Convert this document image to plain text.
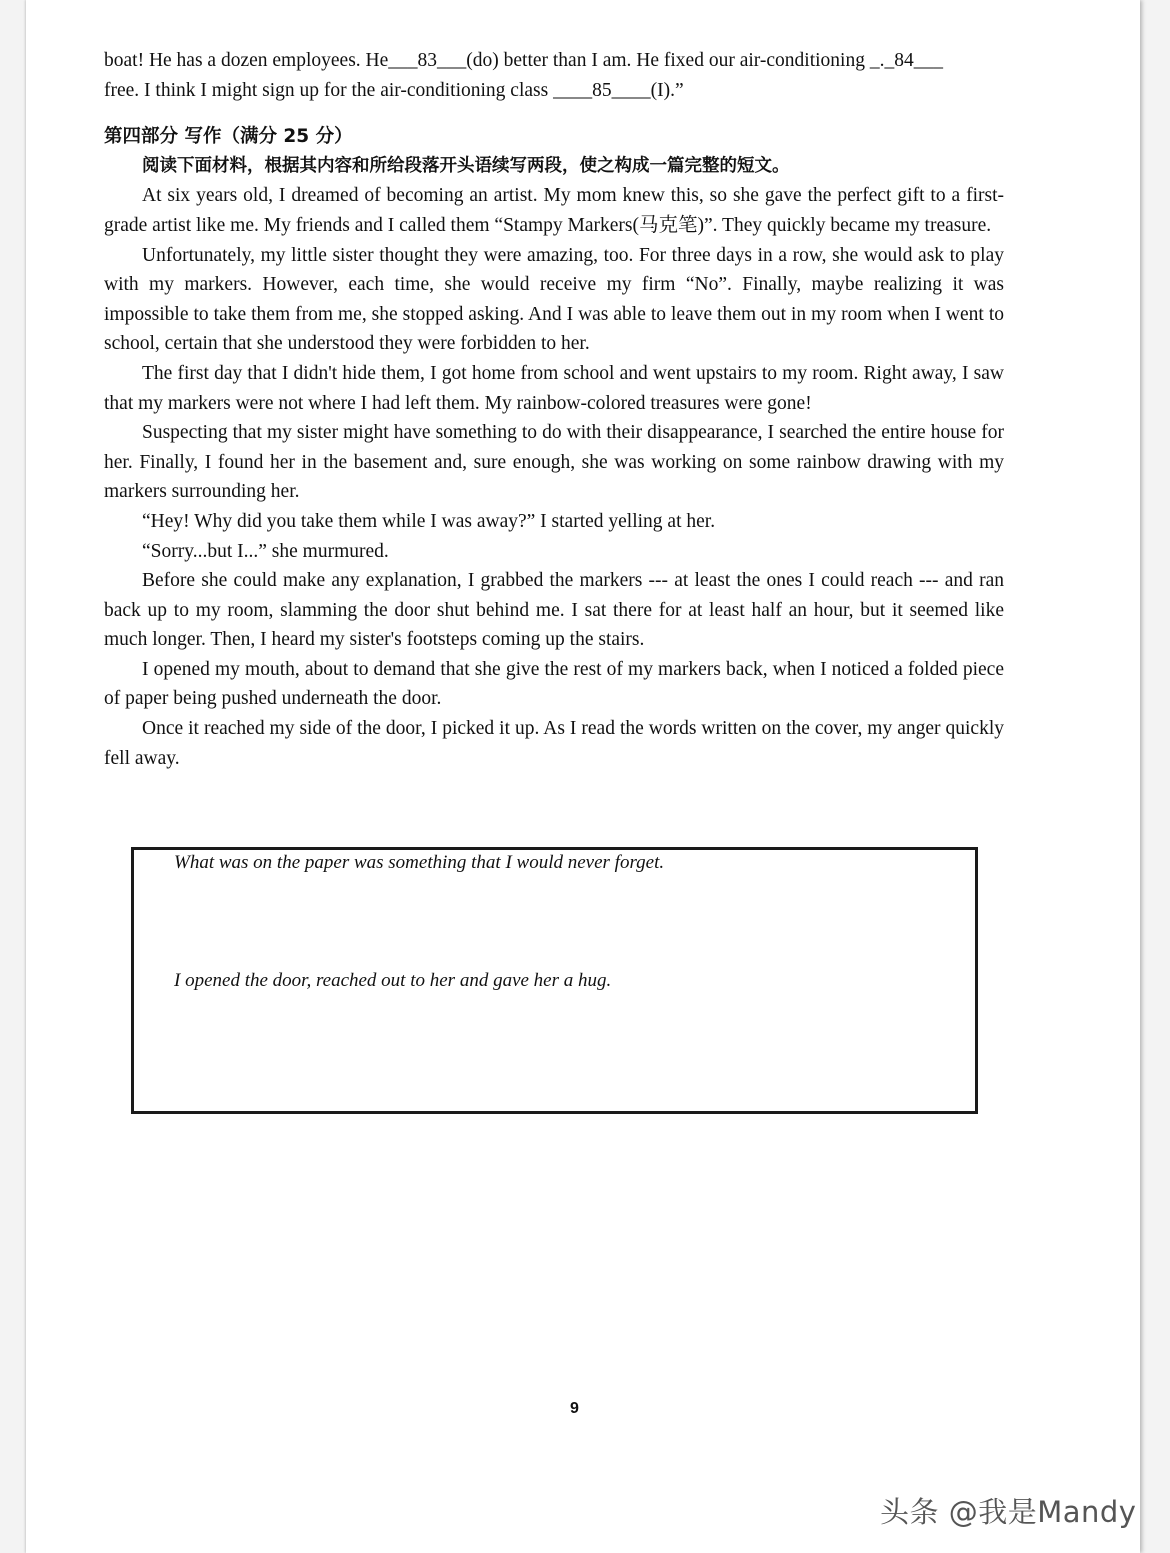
boat! He has a dozen employees. He___83___(do) better than I am. He fixed our air-conditioning _._84___

free. I think I might sign up for the air-conditioning class ____85____(I).”

第四部分 写作（满分 25 分）

阅读下面材料，根据其内容和所给段落开头语续写两段，使之构成一篇完整的短文。

At six years old, I dreamed of becoming an artist. My mom knew this, so she gave the perfect gift to a first-grade artist like me. My friends and I called them “Stampy Markers(马克笔)”. They quickly became my treasure.

Unfortunately, my little sister thought they were amazing, too. For three days in a row, she would ask to play with my markers. However, each time, she would receive my firm “No”. Finally, maybe realizing it was impossible to take them from me, she stopped asking. And I was able to leave them out in my room when I went to school, certain that she understood they were forbidden to her.

The first day that I didn't hide them, I got home from school and went upstairs to my room. Right away, I saw that my markers were not where I had left them. My rainbow-colored treasures were gone!

Suspecting that my sister might have something to do with their disappearance, I searched the entire house for her. Finally, I found her in the basement and, sure enough, she was working on some rainbow drawing with my markers surrounding her.

“Hey! Why did you take them while I was away?” I started yelling at her.

“Sorry...but I...” she murmured.

Before she could make any explanation, I grabbed the markers --- at least the ones I could reach --- and ran back up to my room, slamming the door shut behind me. I sat there for at least half an hour, but it seemed like much longer. Then, I heard my sister's footsteps coming up the stairs.

I opened my mouth, about to demand that she give the rest of my markers back, when I noticed a folded piece of paper being pushed underneath the door.

Once it reached my side of the door, I picked it up. As I read the words written on the cover, my anger quickly fell away.

What was on the paper was something that I would never forget.
I opened the door, reached out to her and gave her a hug.
9
头条 @我是Mandy
